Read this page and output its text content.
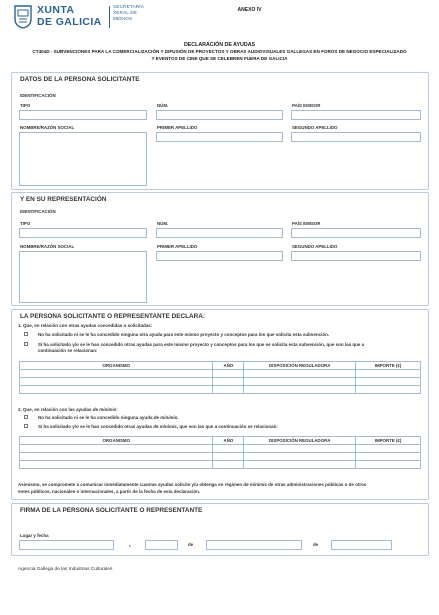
XUNTA
DE GALICIA
SECRETARÍA
XERAL DE
MEDIOS
ANEXO IV
DECLARACIÓN DE AYUDAS
CT404D - SUBVENCIONES PARA LA COMERCIALIZACIÓN Y DIFUSIÓN DE PROYECTOS Y OBRAS AUDIOVISUALES GALLEGAS EN FOROS DE NEGOCIO ESPECIALIZADO
Y EVENTOS DE CINE QUE SE CELEBREN FUERA DE GALICIA
DATOS DE LA PERSONA SOLICITANTE
IDENTIFICACIÓN
TIPO	NÚM.	PAÍS EMISOR
NOMBRE/RAZÓN SOCIAL	PRIMER APELLIDO	SEGUNDO APELLIDO
Y EN SU REPRESENTACIÓN
IDENTIFICACIÓN
TIPO	NÚM.	PAÍS EMISOR
NOMBRE/RAZÓN SOCIAL	PRIMER APELLIDO	SEGUNDO APELLIDO
LA PERSONA SOLICITANTE O REPRESENTANTE DECLARA:
1. Que, en relación con otras ayudas concedidas o solicitadas:
No ha solicitado ni se le ha concedido ninguna otra ayuda para este mismo proyecto y conceptos para los que solicita esta subvención.
Sí ha solicitado y/o se le han concedido otras ayudas para este mismo proyecto y conceptos para los que se solicita esta subvención, que son las que a
continuación se relacionan:
ORGANISMO	AÑO	DISPOSICIÓN REGULADORA	IMPORTE (€)

2. Que, en relación con las ayudas de minimis:
No ha solicitado ni se le ha concedido ninguna ayuda de minimis.
Sí ha solicitado y/o se le han concedido otras ayudas de minimis, que son las que a continuación se relacionan:
ORGANISMO	AÑO	DISPOSICIÓN REGULADORA	IMPORTE (€)

Asimismo, se compromete a comunicar inmediatamente cuantas ayudas solicite y/u obtenga en régimen de minimis de otras administraciones públicas o de otros
entes públicos, nacionales o internacionales, a partir de la fecha de esta declaración.
FIRMA DE LA PERSONA SOLICITANTE O REPRESENTANTE
Lugar y fecha
,	de	de
Agencia Gallega de las Industrias Culturales
